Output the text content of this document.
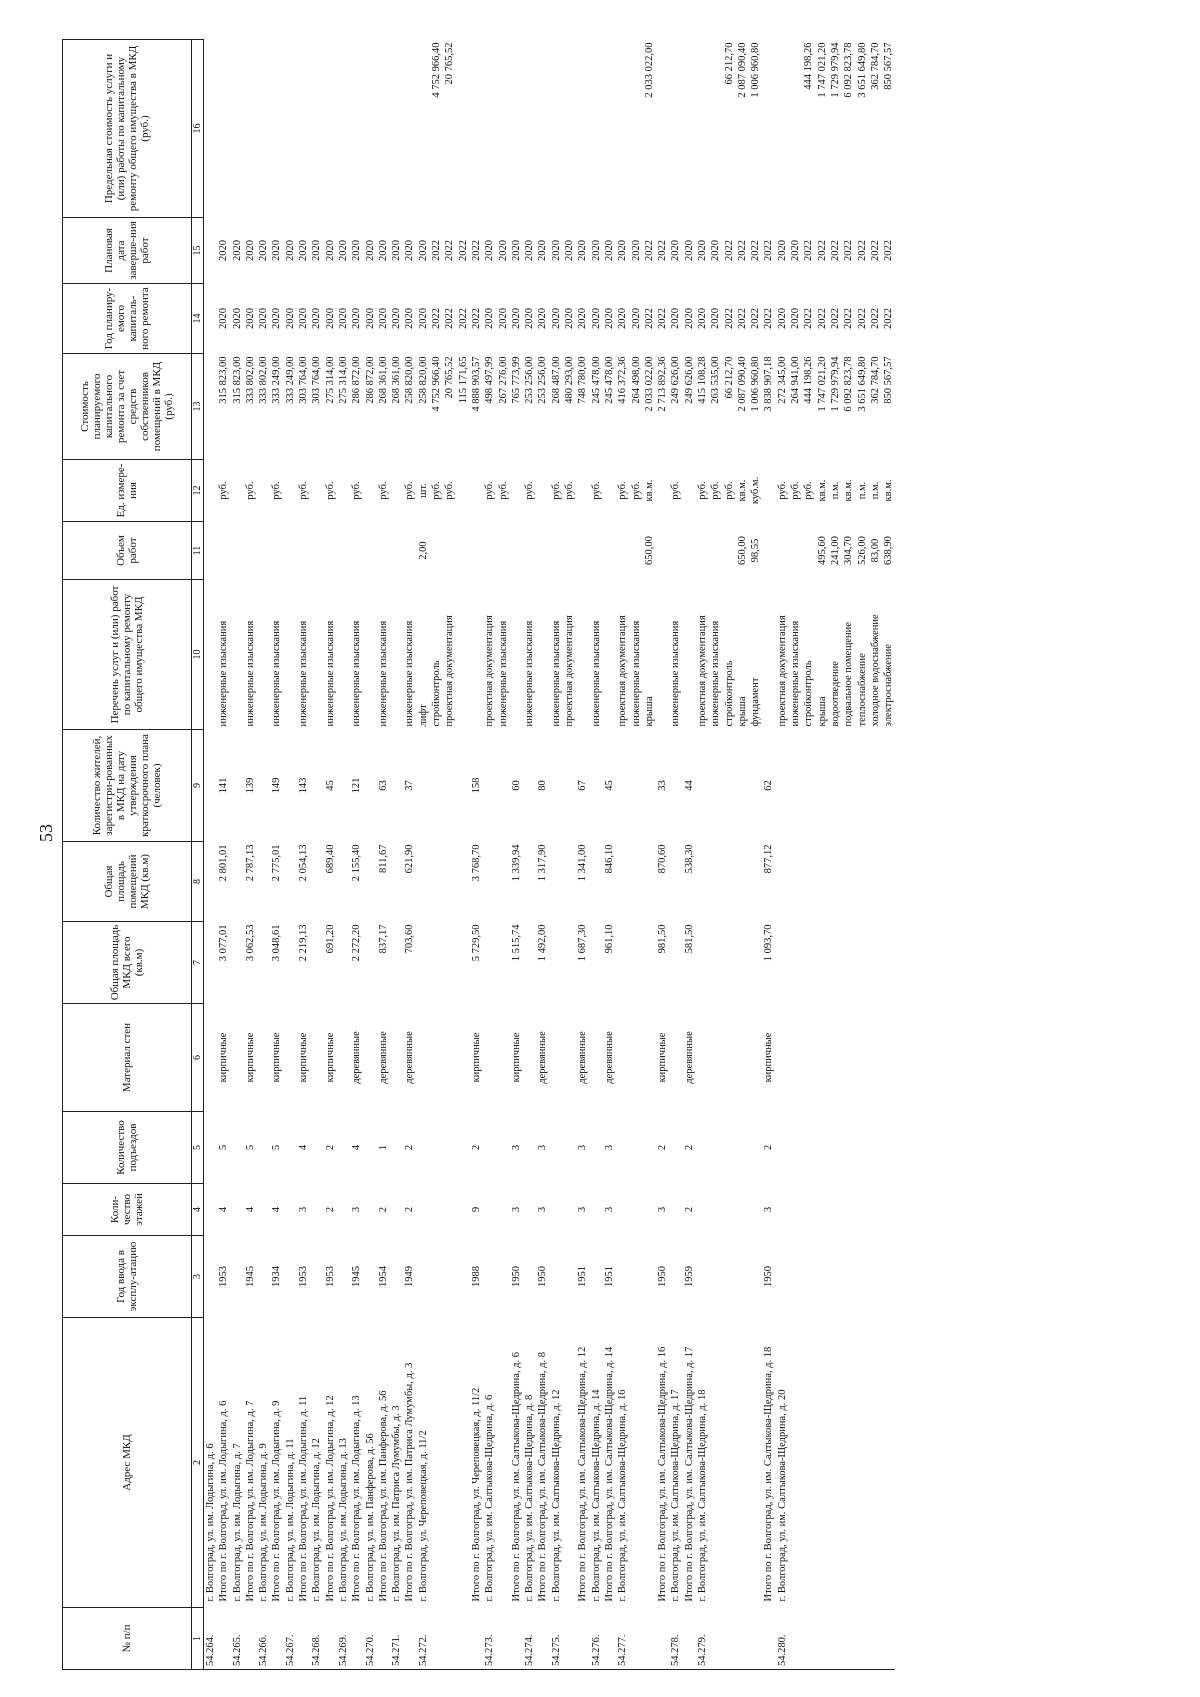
53
№ п/п	Адрес МКД	Год ввода в эксплу-атацию	Коли-чество этажей	Количество подъездов	Материал стен	Общая площадь МКД всего (кв.м)	Общая площадь помещений МКД (кв.м)	Количество жителей, зарегистри-рованных в МКД на дату утверждения краткосрочного плана (человек)	Перечень услуг и (или) работ по капитальному ремонту общего имущества МКД	Объем работ	Ед. измере-ния	Стоимость планируемого капитального ремонта за счет средств собственников помещений в МКД (руб.)	Год планиру-емого капиталь-ного ремонта	Плановая дата заверше-ния работ	Предельная стоимость услуги и (или) работы по капитальному ремонту общего имущества в МКД (руб.)
1	2	3	4	5	6	7	8	9	10	11	12	13	14	15	16
54.264.	г. Волгоград, ул. им. Лодыгина, д. 6														
	Итого по г. Волгоград, ул. им. Лодыгина, д. 6	1953	4	5	кирпичные	3 077,01	2 801,01	141	инженерные изыскания		руб.	315 823,00	2020	2020	
54.265.	г. Волгоград, ул. им. Лодыгина, д. 7											315 823,00	2020	2020	
	Итого по г. Волгоград, ул. им. Лодыгина, д. 7	1945	4	5	кирпичные	3 062,53	2 787,13	139	инженерные изыскания		руб.	333 802,00	2020	2020	
54.266.	г. Волгоград, ул. им. Лодыгина, д. 9											333 802,00	2020	2020	
	Итого по г. Волгоград, ул. им. Лодыгина, д. 9	1934	4	5	кирпичные	3 048,61	2 775,01	149	инженерные изыскания		руб.	333 249,00	2020	2020	
54.267.	г. Волгоград, ул. им. Лодыгина, д. 11											333 249,00	2020	2020	
	Итого по г. Волгоград, ул. им. Лодыгина, д. 11	1953	3	4	кирпичные	2 219,13	2 054,13	143	инженерные изыскания		руб.	303 764,00	2020	2020	
54.268.	г. Волгоград, ул. им. Лодыгина, д. 12											303 764,00	2020	2020	
	Итого по г. Волгоград, ул. им. Лодыгина, д. 12	1953	2	2	кирпичные	691,20	689,40	45	инженерные изыскания		руб.	275 314,00	2020	2020	
54.269.	г. Волгоград, ул. им. Лодыгина, д. 13											275 314,00	2020	2020	
	Итого по г. Волгоград, ул. им. Лодыгина, д. 13	1945	3	4	деревянные	2 272,20	2 155,40	121	инженерные изыскания		руб.	286 872,00	2020	2020	
54.270.	г. Волгоград, ул. им. Панферова, д. 56											286 872,00	2020	2020	
	Итого по г. Волгоград, ул. им. Панферова, д. 56	1954	2	1	деревянные	837,17	811,67	63	инженерные изыскания		руб.	268 361,00	2020	2020	
54.271.	г. Волгоград, ул. им. Патриса Лумумбы, д. 3											268 361,00	2020	2020	
	Итого по г. Волгоград, ул. им. Патриса Лумумбы, д. 3	1949	2	2	деревянные	703,60	621,90	37	инженерные изыскания		руб.	258 820,00	2020	2020	
54.272.	г. Волгоград, ул. Череповецкая, д. 11/2								лифт	2,00	шт.	258 820,00	2020	2020	
									стройконтроль		руб.	4 752 966,40	2022	2022	4 752 966,40
									проектная документация		руб.	20 765,52	2022	2022	20 765,52
												115 171,65	2022	2022	
	Итого по г. Волгоград, ул. Череповецкая, д. 11/2	1988	9	2	кирпичные	5 729,50	3 768,70	158				4 888 903,57	2022	2022	
54.273.	г. Волгоград, ул. им. Салтыкова-Щедрина, д. 6								проектная документация		руб.	498 497,99	2020	2020	
									инженерные изыскания		руб.	267 276,00	2020	2020	
	Итого по г. Волгоград, ул. им. Салтыкова-Щедрина, д. 6	1950	3	3	кирпичные	1 515,74	1 339,94	60				765 773,99	2020	2020	
54.274.	г. Волгоград, ул. им. Салтыкова-Щедрина, д. 8								инженерные изыскания		руб.	253 256,00	2020	2020	
	Итого по г. Волгоград, ул. им. Салтыкова-Щедрина, д. 8	1950	3	3	деревянные	1 492,00	1 317,90	80				253 256,00	2020	2020	
54.275.	г. Волгоград, ул. им. Салтыкова-Щедрина, д. 12								инженерные изыскания		руб.	268 487,00	2020	2020	
									проектная документация		руб.	480 293,00	2020	2020	
	Итого по г. Волгоград, ул. им. Салтыкова-Щедрина, д. 12	1951	3	3	деревянные	1 687,30	1 341,00	67				748 780,00	2020	2020	
54.276.	г. Волгоград, ул. им. Салтыкова-Щедрина, д. 14								инженерные изыскания		руб.	245 478,00	2020	2020	
	Итого по г. Волгоград, ул. им. Салтыкова-Щедрина, д. 14	1951	3	3	деревянные	961,10	846,10	45				245 478,00	2020	2020	
54.277.	г. Волгоград, ул. им. Салтыкова-Щедрина, д. 16								проектная документация		руб.	416 372,36	2020	2020	
									инженерные изыскания		руб.	264 498,00	2020	2020	
									крыша	650,00	кв.м.	2 033 022,00	2022	2022	2 033 022,00
	Итого по г. Волгоград, ул. им. Салтыкова-Щедрина, д. 16	1950	3	2	кирпичные	981,50	870,60	33				2 713 892,36	2022	2022	
54.278.	г. Волгоград, ул. им. Салтыкова-Щедрина, д. 17								инженерные изыскания		руб.	249 626,00	2020	2020	
	Итого по г. Волгоград, ул. им. Салтыкова-Щедрина, д. 17	1959	2	2	деревянные	581,50	538,30	44				249 626,00	2020	2020	
54.279.	г. Волгоград, ул. им. Салтыкова-Щедрина, д. 18								проектная документация		руб.	415 108,28	2020	2020	
									инженерные изыскания		руб.	263 535,00	2020	2020	
									стройконтроль		руб.	66 212,70	2022	2022	66 212,70
									крыша	650,00	кв.м.	2 087 090,40	2022	2022	2 087 090,40
									фундамент	98,55	куб.м.	1 006 960,80	2022	2022	1 006 960,80
	Итого по г. Волгоград, ул. им. Салтыкова-Щедрина, д. 18	1950	3	2	кирпичные	1 093,70	877,12	62				3 838 907,18	2022	2022	
54.280.	г. Волгоград, ул. им. Салтыкова-Щедрина, д. 20								проектная документация		руб.	272 345,00	2020	2020	
									инженерные изыскания		руб.	264 941,00	2020	2020	
									стройконтроль		руб.	444 198,26	2022	2022	444 198,26
									крыша	495,60	кв.м.	1 747 021,20	2022	2022	1 747 021,20
									водоотведение	241,00	п.м.	1 729 979,94	2022	2022	1 729 979,94
									подвальное помещение	304,70	кв.м.	6 092 823,78	2022	2022	6 092 823,78
									теплоснабжение	526,00	п.м.	3 651 649,80	2022	2022	3 651 649,80
									холодное водоснабжение	83,00	п.м.	362 784,70	2022	2022	362 784,70
									электроснабжение	638,90	кв.м.	850 567,57	2022	2022	850 567,57
